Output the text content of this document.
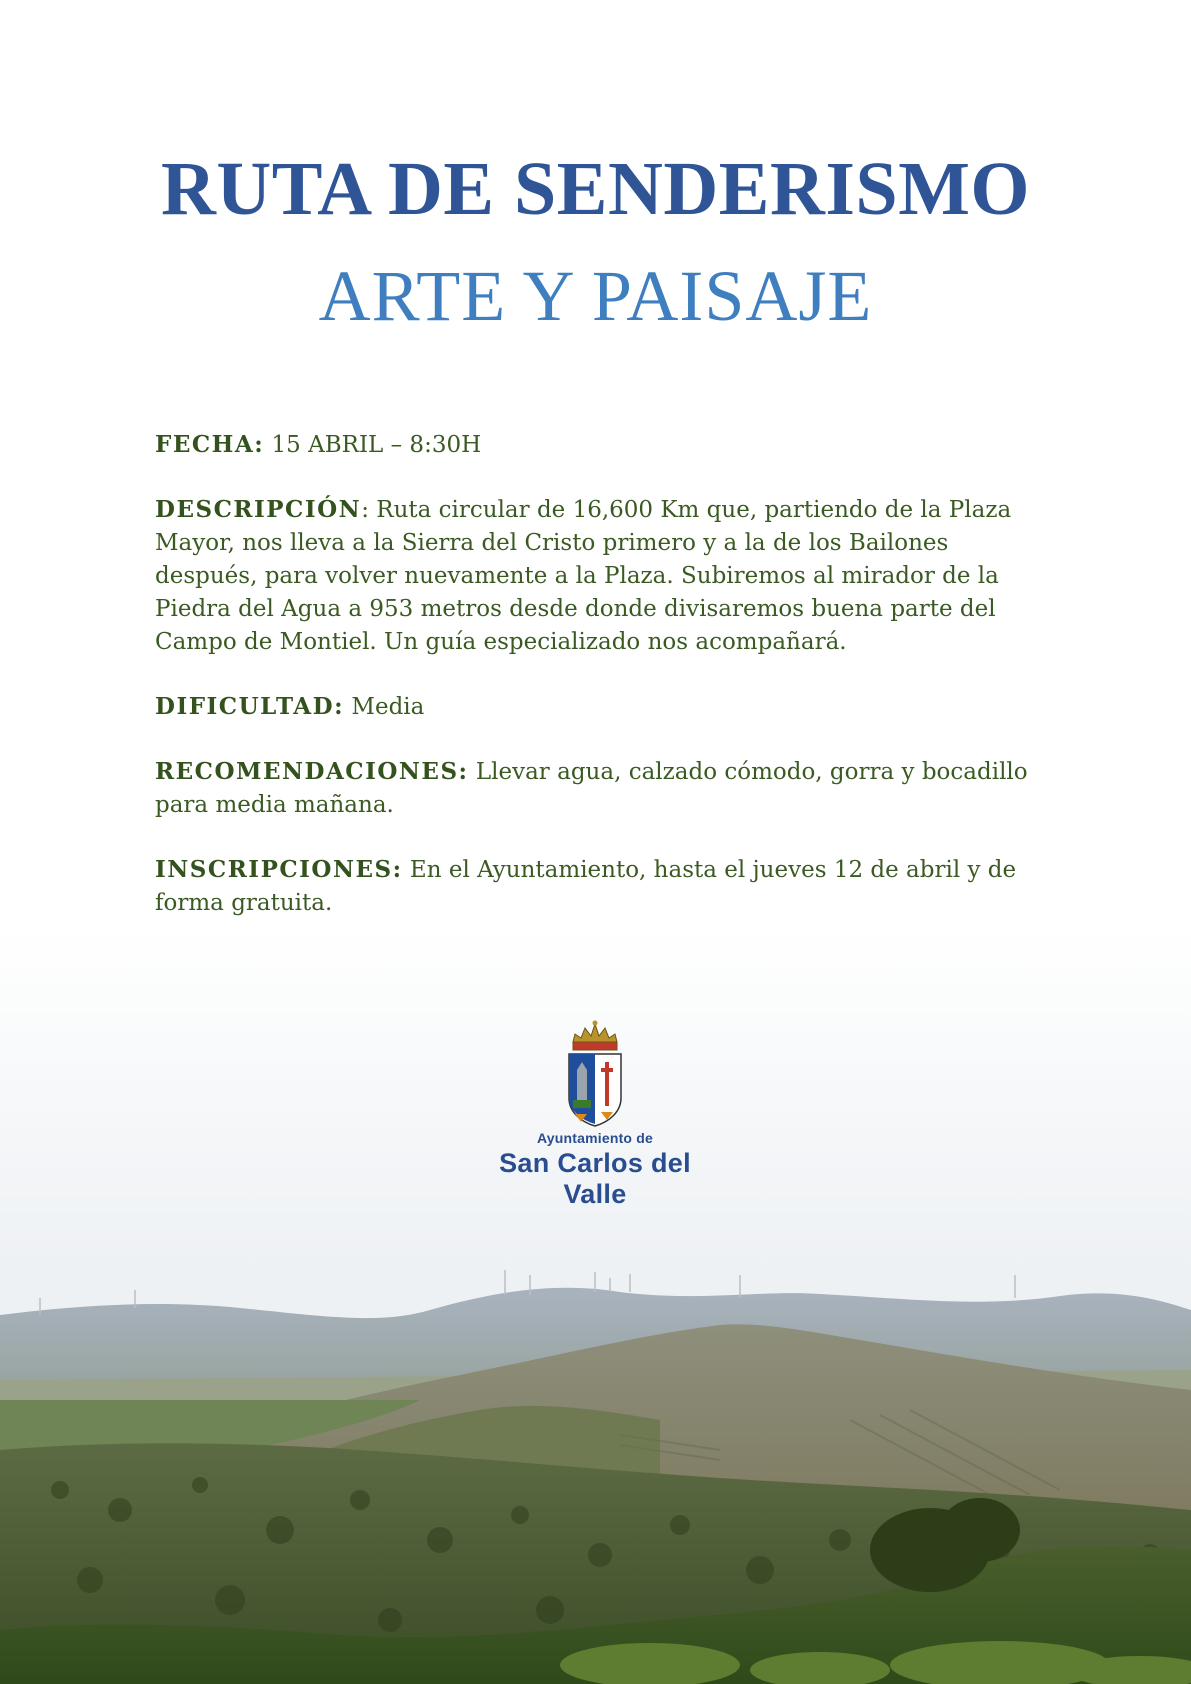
RUTA DE SENDERISMO
ARTE Y PAISAJE

FECHA: 15 ABRIL – 8:30H

DESCRIPCIÓN: Ruta circular de 16,600 Km que, partiendo de la Plaza Mayor, nos lleva a la Sierra del Cristo primero y a la de los Bailones después, para volver nuevamente a la Plaza. Subiremos al mirador de la Piedra del Agua a 953 metros desde donde divisaremos buena parte del Campo de Montiel. Un guía especializado nos acompañará.

DIFICULTAD: Media

RECOMENDACIONES: Llevar agua, calzado cómodo, gorra y bocadillo para media mañana.

INSCRIPCIONES: En el Ayuntamiento, hasta el jueves 12 de abril y de forma gratuita.

Ayuntamiento de
San Carlos del Valle
